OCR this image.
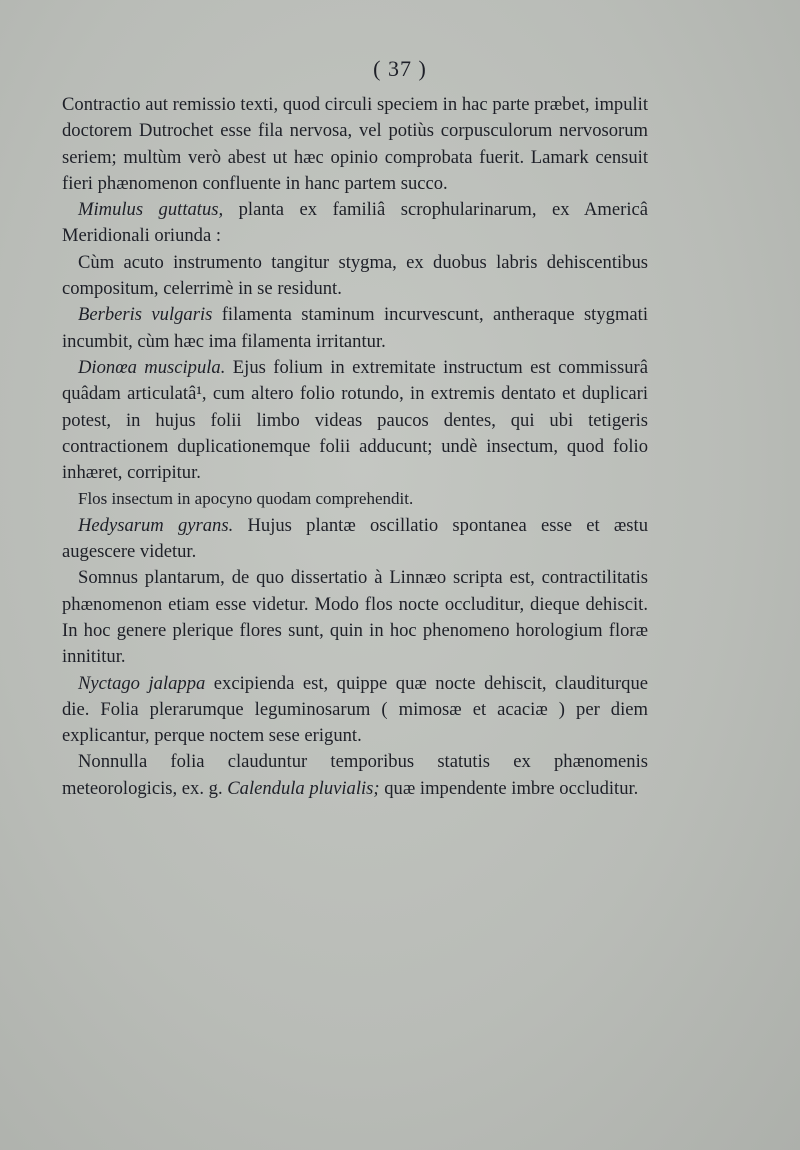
( 37 )

Contractio aut remissio texti, quod circuli speciem in hac parte præbet, impulit doctorem Dutrochet esse fila nervosa, vel potiùs corpusculorum nervosorum seriem; multùm verò abest ut hæc opinio comprobata fuerit. Lamark censuit fieri phænomenon confluente in hanc partem succo.

Mimulus guttatus, planta ex familiâ scrophularinarum, ex Americâ Meridionali oriunda :

Cùm acuto instrumento tangitur stygma, ex duobus labris dehiscentibus compositum, celerrimè in se residunt.

Berberis vulgaris filamenta staminum incurvescunt, antheraque stygmati incumbit, cùm hæc ima filamenta irritantur.

Dionœa muscipula. Ejus folium in extremitate instructum est commissurâ quâdam articulatâ¹, cum altero folio rotundo, in extremis dentato et duplicari potest, in hujus folii limbo videas paucos dentes, qui ubi tetigeris contractionem duplicationemque folii adducunt; undè insectum, quod folio inhæret, corripitur.

Flos insectum in apocyno quodam comprehendit.

Hedysarum gyrans. Hujus plantæ oscillatio spontanea esse et æstu augescere videtur.

Somnus plantarum, de quo dissertatio à Linnæo scripta est, contractilitatis phænomenon etiam esse videtur. Modo flos nocte occluditur, dieque dehiscit. In hoc genere plerique flores sunt, quin in hoc phenomeno horologium floræ innititur.

Nyctago jalappa excipienda est, quippe quæ nocte dehiscit, clauditurque die. Folia plerarumque leguminosarum ( mimosæ et acaciæ ) per diem explicantur, perque noctem sese erigunt.

Nonnulla folia clauduntur temporibus statutis ex phænomenis meteorologicis, ex. g. Calendula pluvialis; quæ impendente imbre occluditur.
